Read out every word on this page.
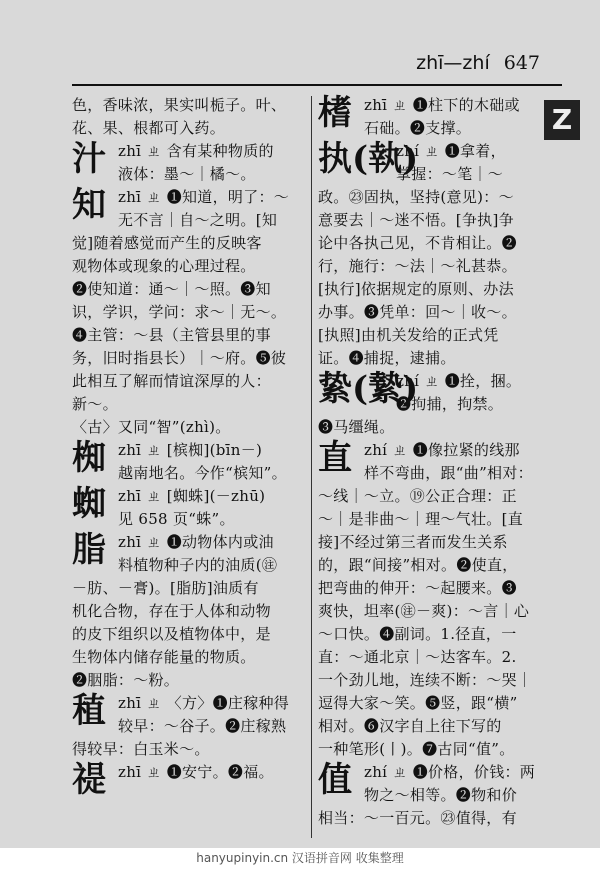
zhī—zhí 647
Z
色，香味浓，果实叫栀子。叶、
花、果、根都可入药。
汁 zhī ㄓ 含有某种物质的
液体：墨～｜橘～。
知 zhī ㄓ ❶知道，明了：～
无不言｜自～之明。[知
觉]随着感觉而产生的反映客
观物体或现象的心理过程。
❷使知道：通～｜～照。❸知
识，学识，学问：求～｜无～。
❹主管：～县（主管县里的事
务，旧时指县长）｜～府。❺彼
此相互了解而情谊深厚的人：
新～。
〈古〉又同“智”(zhì)。
椥 zhī ㄓ [槟椥](bīn－)
越南地名。今作“槟知”。
蜘 zhī ㄓ [蜘蛛](－zhū)
见 658 页“蛛”。
脂 zhī ㄓ ❶动物体内或油
料植物种子内的油质(㊟
－肪、－膏)。[脂肪]油质有
机化合物，存在于人体和动物
的皮下组织以及植物体中，是
生物体内储存能量的物质。
❷胭脂：～粉。
稙 zhī ㄓ 〈方〉❶庄稼种得
较早：～谷子。❷庄稼熟
得较早：白玉米～。
禔 zhī ㄓ ❶安宁。❷福。
榰 zhī ㄓ ❶柱下的木础或
石础。❷支撑。
执(執)
zhí ㄓ ❶拿着，
掌握：～笔｜～
政。㉓固执，坚持(意见)：～
意要去｜～迷不悟。[争执]争
论中各执己见，不肯相让。❷
行，施行：～法｜～礼甚恭。
[执行]依据规定的原则、办法
办事。❸凭单：回～｜收～。
[执照]由机关发给的正式凭
证。❹捕捉，逮捕。
絷(縶)
zhí ㄓ ❶拴，捆。
❷拘捕，拘禁。
❸马缰绳。
直 zhí ㄓ ❶像拉紧的线那
样不弯曲，跟“曲”相对：
～线｜～立。⑲公正合理：正
～｜是非曲～｜理～气壮。[直
接]不经过第三者而发生关系
的，跟“间接”相对。❷使直，
把弯曲的伸开：～起腰来。❸
爽快，坦率(㊟－爽)：～言｜心
～口快。❹副词。1.径直，一
直：～通北京｜～达客车。2.
一个劲儿地，连续不断：～哭｜
逗得大家～笑。❺竖，跟“横”
相对。❻汉字自上往下写的
一种笔形(丨)。❼古同“值”。
值 zhí ㄓ ❶价格，价钱：两
物之～相等。❷物和价
相当：～一百元。㉓值得，有
hanyupinyin.cn 汉语拼音网 收集整理
